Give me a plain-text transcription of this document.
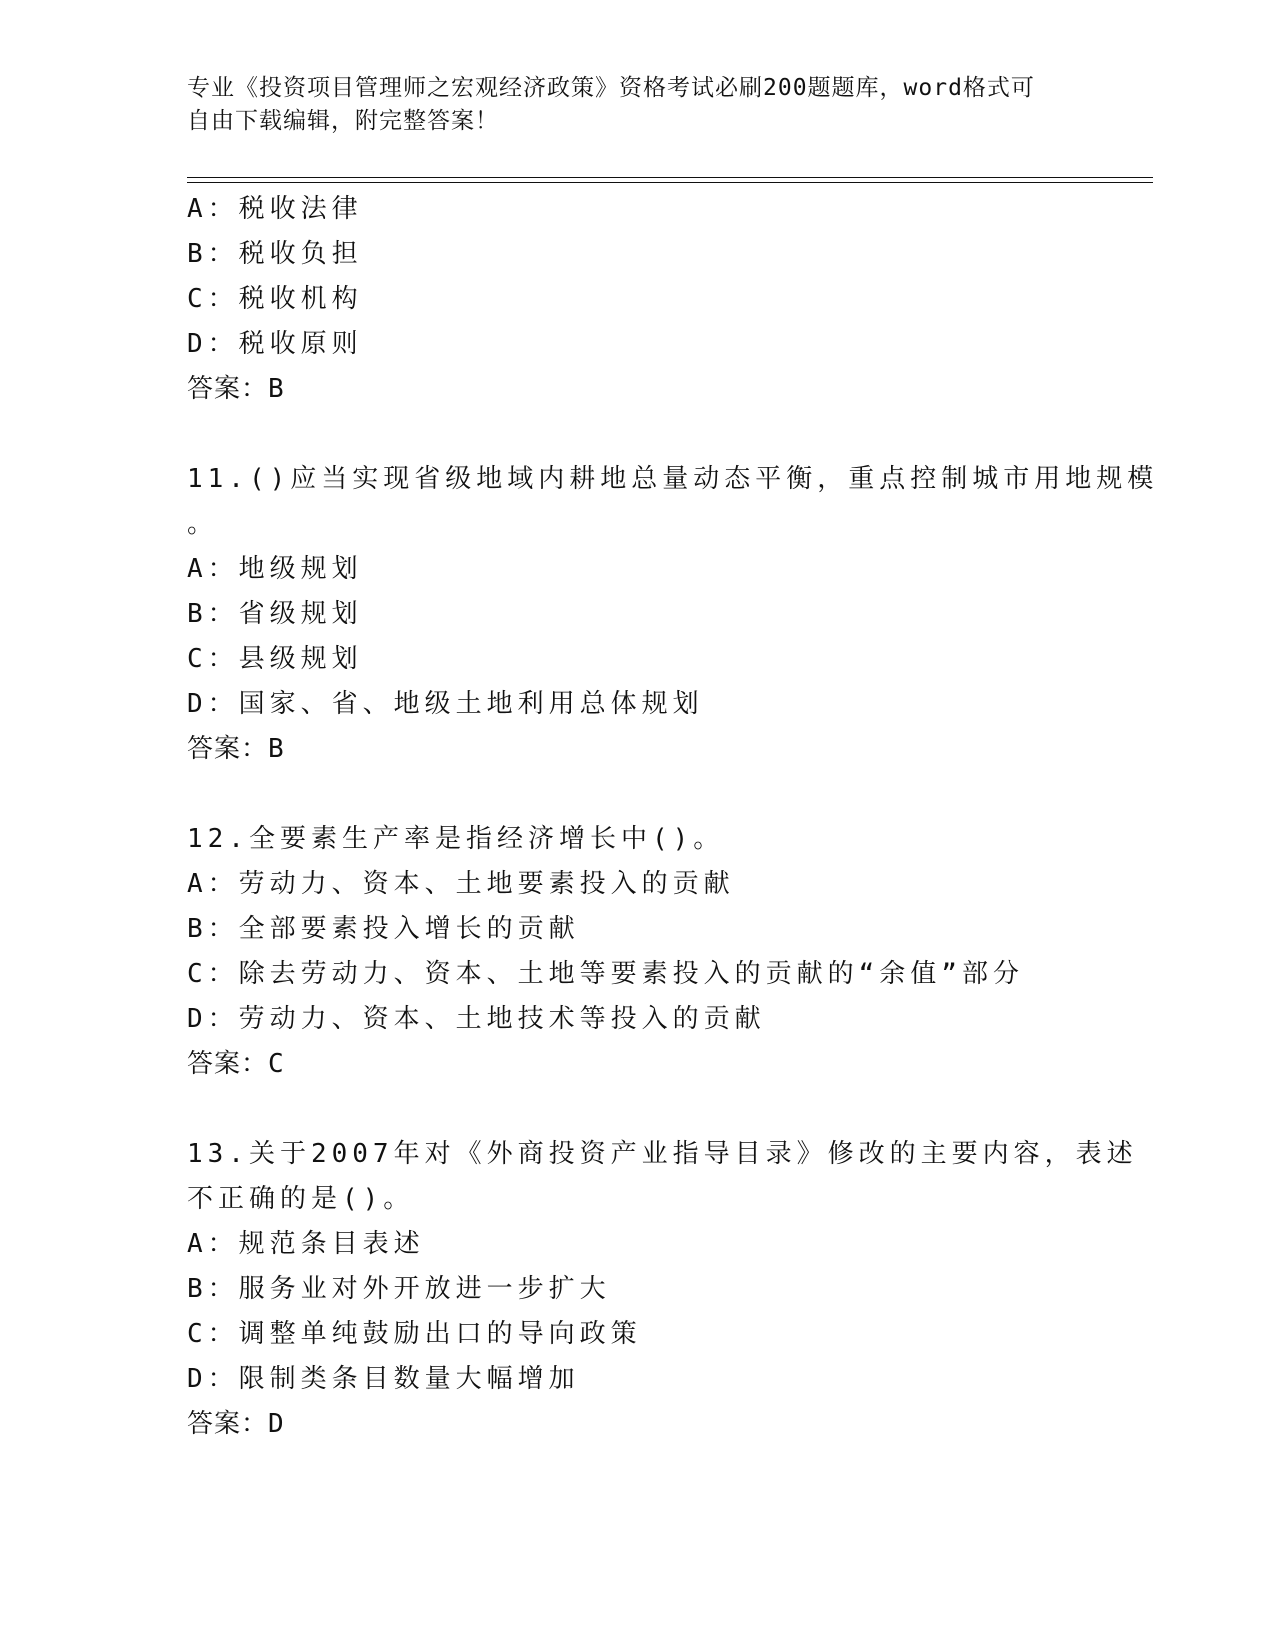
专业《投资项目管理师之宏观经济政策》资格考试必刷200题题库，word格式可
自由下载编辑，附完整答案！
A：税收法律
B：税收负担
C：税收机构
D：税收原则
答案：B
11.()应当实现省级地域内耕地总量动态平衡，重点控制城市用地规模
。
A：地级规划
B：省级规划
C：县级规划
D：国家、省、地级土地利用总体规划
答案：B
12.全要素生产率是指经济增长中()。
A：劳动力、资本、土地要素投入的贡献
B：全部要素投入增长的贡献
C：除去劳动力、资本、土地等要素投入的贡献的“余值”部分
D：劳动力、资本、土地技术等投入的贡献
答案：C
13.关于2007年对《外商投资产业指导目录》修改的主要内容，表述
不正确的是()。
A：规范条目表述
B：服务业对外开放进一步扩大
C：调整单纯鼓励出口的导向政策
D：限制类条目数量大幅增加
答案：D
